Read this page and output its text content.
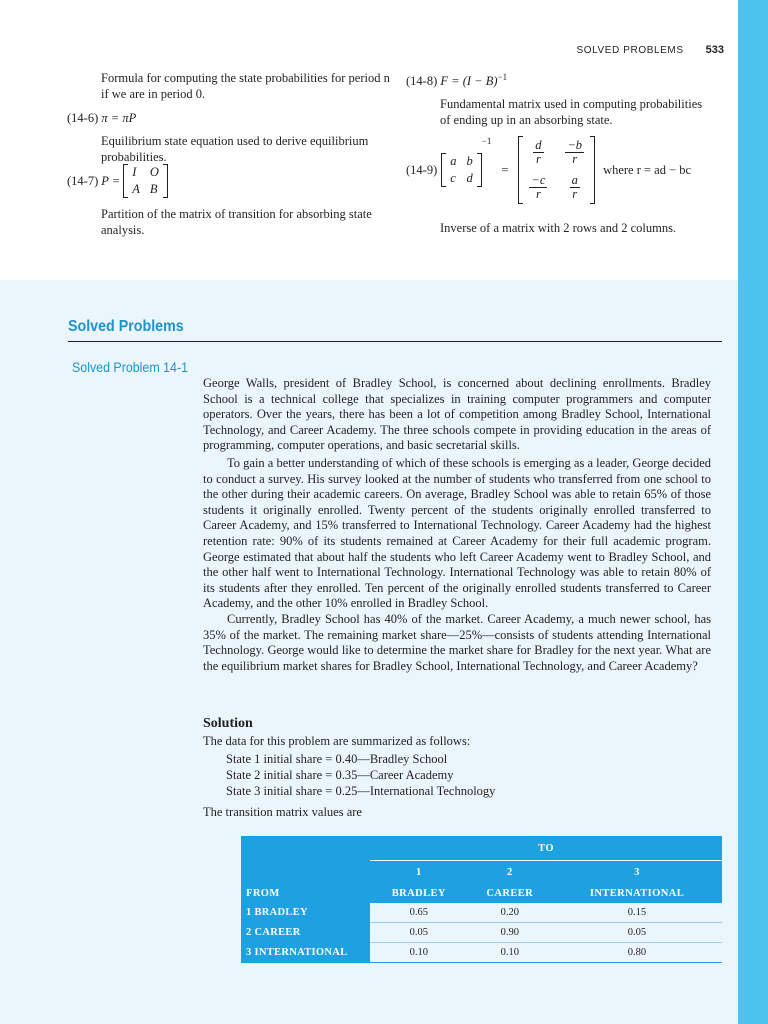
SOLVED PROBLEMS 533
Formula for computing the state probabilities for period n if we are in period 0.
(14-6) π = πP
Equilibrium state equation used to derive equilibrium probabilities.
(14-7) P =
I O
A B
Partition of the matrix of transition for absorbing state analysis.
(14-8) $F = (I - B)^{-1}$
Fundamental matrix used in computing probabilities of ending up in an absorbing state.
(14-9)
a b
c d
−1
=
$\frac{d}{r} \frac{-b}{r}$
$\frac{-c}{r} \frac{a}{r}$
where r = ad − bc
Inverse of a matrix with 2 rows and 2 columns.
Solved Problems
Solved Problem 14-1

George Walls, president of Bradley School, is concerned about declining enrollments. Bradley School is a technical college that specializes in training computer programmers and computer operators. Over the years, there has been a lot of competition among Bradley School, International Technology, and Career Academy. The three schools compete in providing education in the areas of programming, computer operations, and basic secretarial skills.

To gain a better understanding of which of these schools is emerging as a leader, George decided to conduct a survey. His survey looked at the number of students who transferred from one school to the other during their academic careers. On average, Bradley School was able to retain 65% of those students it originally enrolled. Twenty percent of the students originally enrolled transferred to Career Academy, and 15% transferred to International Technology. Career Academy had the highest retention rate: 90% of its students remained at Career Academy for their full academic program. George estimated that about half the students who left Career Academy went to Bradley School, and the other half went to International Technology. International Technology was able to retain 80% of its students after they enrolled. Ten percent of the originally enrolled students transferred to Career Academy, and the other 10% enrolled in Bradley School.

Currently, Bradley School has 40% of the market. Career Academy, a much newer school, has 35% of the market. The remaining market share—25%—consists of students attending International Technology. George would like to determine the market share for Bradley for the next year. What are the equilibrium market shares for Bradley School, International Technology, and Career Academy?

Solution
The data for this problem are summarized as follows:
State 1 initial share = 0.40—Bradley School
State 2 initial share = 0.35—Career Academy
State 3 initial share = 0.25—International Technology
The transition matrix values are
	TO		
	1	2	3
FROM	BRADLEY	CAREER	INTERNATIONAL
1 BRADLEY	0.65	0.20	0.15
2 CAREER	0.05	0.90	0.05
3 INTERNATIONAL	0.10	0.10	0.80
